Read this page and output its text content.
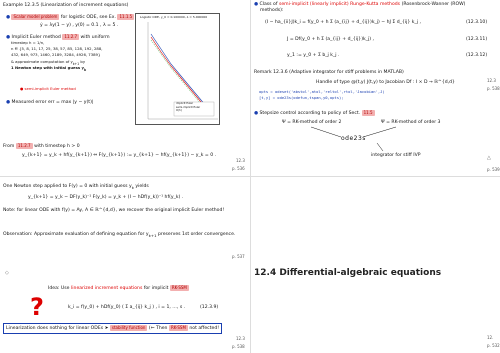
Example 12.3.5 (Linearization of increment equations)
● Scalar model problem for logistic ODE, see Ex. 11.1.5
ẏ = λy(1 − y) , y(0) = 0.1 , λ = 5 .
● Implicit Euler method 11.2.7 with uniform
timestep h = 1/n,
n ∈ {5, 8, 11, 17, 25, 38, 57, 85, 128, 192, 288,
432, 649, 973, 1460, 2189, 3284, 4926, 7389}
& approximate computation of $y_{k+1}$ by
1 Newton step with initial guess $y_k$
● semi-implicit Euler method
● Measured error err = max |y − y(t)|
Logistic ODE, y_0 = 0.100000, λ = 5.000000
implicit Euler
semi-implicit Euler
O(h)
From 11.2.7 with timestep h > 0
y_{k+1} = y_k + hf(y_{k+1}) ⇔ F(y_{k+1}) := y_{k+1} − hf(y_{k+1}) − y_k = 0 .
12.3
p. 536
One Newton step applied to F(y) = 0 with initial guess $y_k$ yields
y_{k+1} = y_k − DF(y_k)⁻¹ F(y_k) = y_k + (I − hDf(y_k))⁻¹ hf(y_k) .
Note: for linear ODE with f(y) = Ay, A ∈ ℝ^{d,d}, we recover the original implicit Euler method!
Observation: Approximate evaluation of defining equation for $y_{k+1}$ preserves 1st order convergence.
p. 537
● Class of semi-implicit (linearly implicit) Runge-Kutta methods (Rosenbrock-Wanner (ROW)
methods):
(I − ha_{ii}J)k_i = f(y_0 + h Σ (a_{ij} + d_{ij})k_j) − hJ Σ d_{ij} k_j ,	(12.3.10)
J = Df(y_0 + h Σ (a_{ij} + d_{ij})k_j) ,	(12.3.11)
y_1 := y_0 + Σ b_j k_j .	(12.3.12)
Remark 12.3.6 (Adaptive integrator for stiff problems in MATLAB)
Handle of type @(t,y) J(t,y) to Jacobian Df : I × D → ℝ^{d,d}
opts = odeset('abstol',atol,'reltol',rtol,'Jacobian',J)
[t,y] = ode23s(odefun,tspan,y0,opts);
12.3
p. 538
● Stepsize control according to policy of Sect. 11.5
Ψ = RK-method of order 2	Ψ̃ = RK-method of order 3
ode23s
integrator for stiff IVP	△
p. 539
◇
Idea: Use linearized increment equations for implicit RK-SSM
?	k_i = f(y_0) + hDf(y_0) ( Σ a_{ij} k_j ) , i = 1, …, s .	(12.3.9)
Linearization does nothing for linear ODEs ➤ stability function (⇐ Then RK-SSM not affected!
12.3
p. 538
12.4 Differential-algebraic equations
12.
p. 532
